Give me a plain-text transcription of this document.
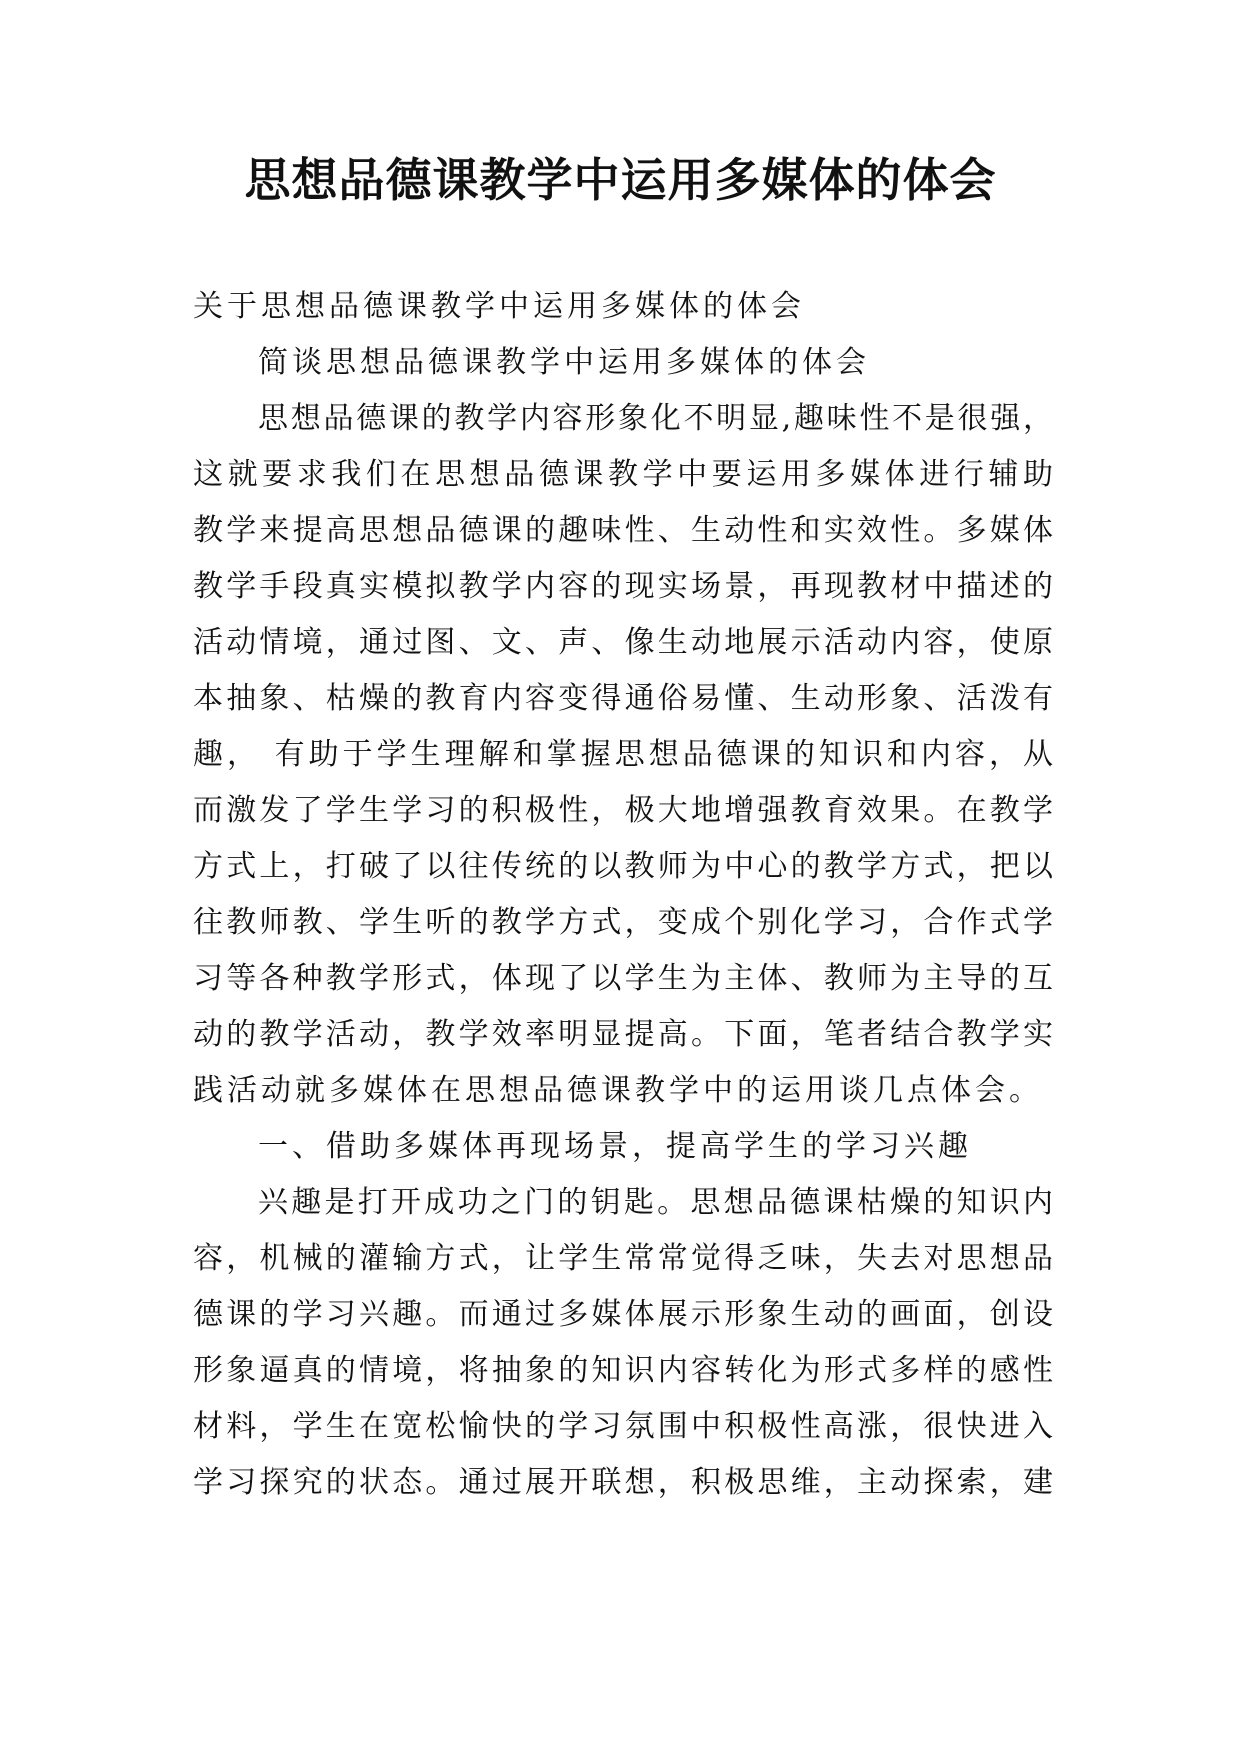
思想品德课教学中运用多媒体的体会

关于思想品德课教学中运用多媒体的体会

简谈思想品德课教学中运用多媒体的体会

思想品德课的教学内容形象化不明显,趣味性不是很强，

这就要求我们在思想品德课教学中要运用多媒体进行辅助

教学来提高思想品德课的趣味性、生动性和实效性。多媒体

教学手段真实模拟教学内容的现实场景，再现教材中描述的

活动情境，通过图、文、声、像生动地展示活动内容，使原

本抽象、枯燥的教育内容变得通俗易懂、生动形象、活泼有

趣， 有助于学生理解和掌握思想品德课的知识和内容，从

而激发了学生学习的积极性，极大地增强教育效果。在教学

方式上，打破了以往传统的以教师为中心的教学方式，把以

往教师教、学生听的教学方式，变成个别化学习，合作式学

习等各种教学形式，体现了以学生为主体、教师为主导的互

动的教学活动，教学效率明显提高。下面，笔者结合教学实

践活动就多媒体在思想品德课教学中的运用谈几点体会。

一、借助多媒体再现场景，提高学生的学习兴趣

兴趣是打开成功之门的钥匙。思想品德课枯燥的知识内

容，机械的灌输方式，让学生常常觉得乏味，失去对思想品

德课的学习兴趣。而通过多媒体展示形象生动的画面，创设

形象逼真的情境，将抽象的知识内容转化为形式多样的感性

材料，学生在宽松愉快的学习氛围中积极性高涨，很快进入

学习探究的状态。通过展开联想，积极思维，主动探索，建
